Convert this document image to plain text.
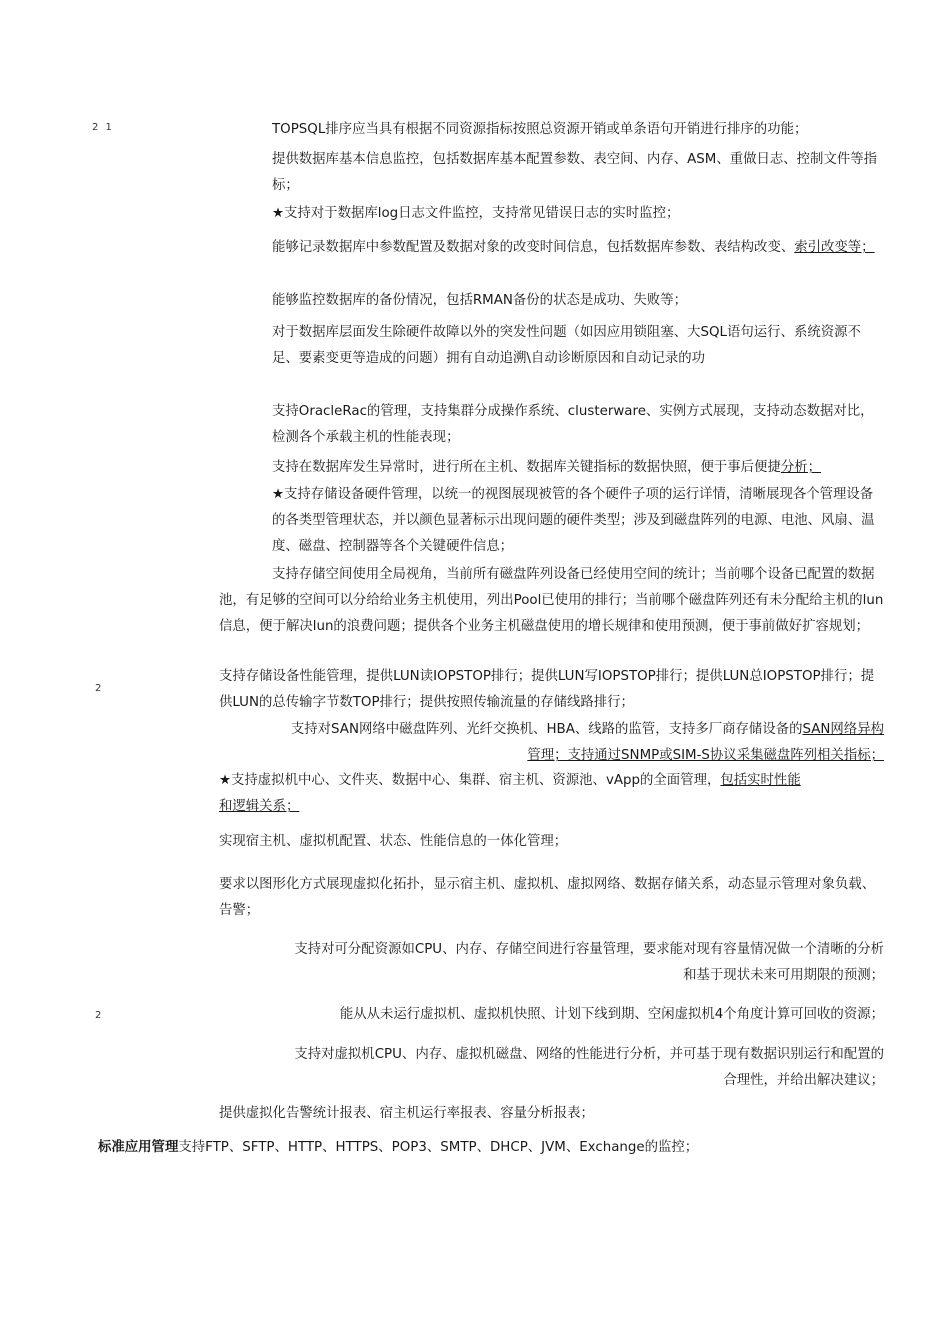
2 1
2
2

TOPSQL排序应当具有根据不同资源指标按照总资源开销或单条语句开销进行排序的功能；

提供数据库基本信息监控，包括数据库基本配置参数、表空间、内存、ASM、重做日志、控制文件等指标；

★支持对于数据库log日志文件监控，支持常见错误日志的实时监控；

能够记录数据库中参数配置及数据对象的改变时间信息，包括数据库参数、表结构改变、索引改变等；

能够监控数据库的备份情况，包括RMAN备份的状态是成功、失败等；

对于数据库层面发生除硬件故障以外的突发性问题（如因应用锁阻塞、大SQL语句运行、系统资源不足、要素变更等造成的问题）拥有自动追溯\自动诊断原因和自动记录的功

支持OracleRac的管理，支持集群分成操作系统、clusterware、实例方式展现，支持动态数据对比，检测各个承载主机的性能表现；

支持在数据库发生异常时，进行所在主机、数据库关键指标的数据快照，便于事后便捷分析；

★支持存储设备硬件管理，以统一的视图展现被管的各个硬件子项的运行详情，清晰展现各个管理设备的各类型管理状态，并以颜色显著标示出现问题的硬件类型；涉及到磁盘阵列的电源、电池、风扇、温度、磁盘、控制器等各个关键硬件信息；

支持存储空间使用全局视角，当前所有磁盘阵列设备已经使用空间的统计；当前哪个设备已配置的数据池，有足够的空间可以分给给业务主机使用，列出Pool已使用的排行；当前哪个磁盘阵列还有未分配给主机的lun信息，便于解决lun的浪费问题；提供各个业务主机磁盘使用的增长规律和使用预测，便于事前做好扩容规划；

支持存储设备性能管理，提供LUN读IOPSTOP排行；提供LUN写IOPSTOP排行；提供LUN总IOPSTOP排行；提供LUN的总传输字节数TOP排行；提供按照传输流量的存储线路排行；

支持对SAN网络中磁盘阵列、光纤交换机、HBA、线路的监管，支持多厂商存储设备的SAN网络异构
管理；支持通过SNMP或SIM-S协议采集磁盘阵列相关指标；

★支持虚拟机中心、文件夹、数据中心、集群、宿主机、资源池、vApp的全面管理，包括实时性能
和逻辑关系；

实现宿主机、虚拟机配置、状态、性能信息的一体化管理；

要求以图形化方式展现虚拟化拓扑，显示宿主机、虚拟机、虚拟网络、数据存储关系，动态显示管理对象负载、告警；

支持对可分配资源如CPU、内存、存储空间进行容量管理，要求能对现有容量情况做一个清晰的分析
和基于现状未来可用期限的预测；

能从从未运行虚拟机、虚拟机快照、计划下线到期、空闲虚拟机4个角度计算可回收的资源；

支持对虚拟机CPU、内存、虚拟机磁盘、网络的性能进行分析，并可基于现有数据识别运行和配置的
合理性，并给出解决建议；

提供虚拟化告警统计报表、宿主机运行率报表、容量分析报表；

标准应用管理支持FTP、SFTP、HTTP、HTTPS、POP3、SMTP、DHCP、JVM、Exchange的监控；
